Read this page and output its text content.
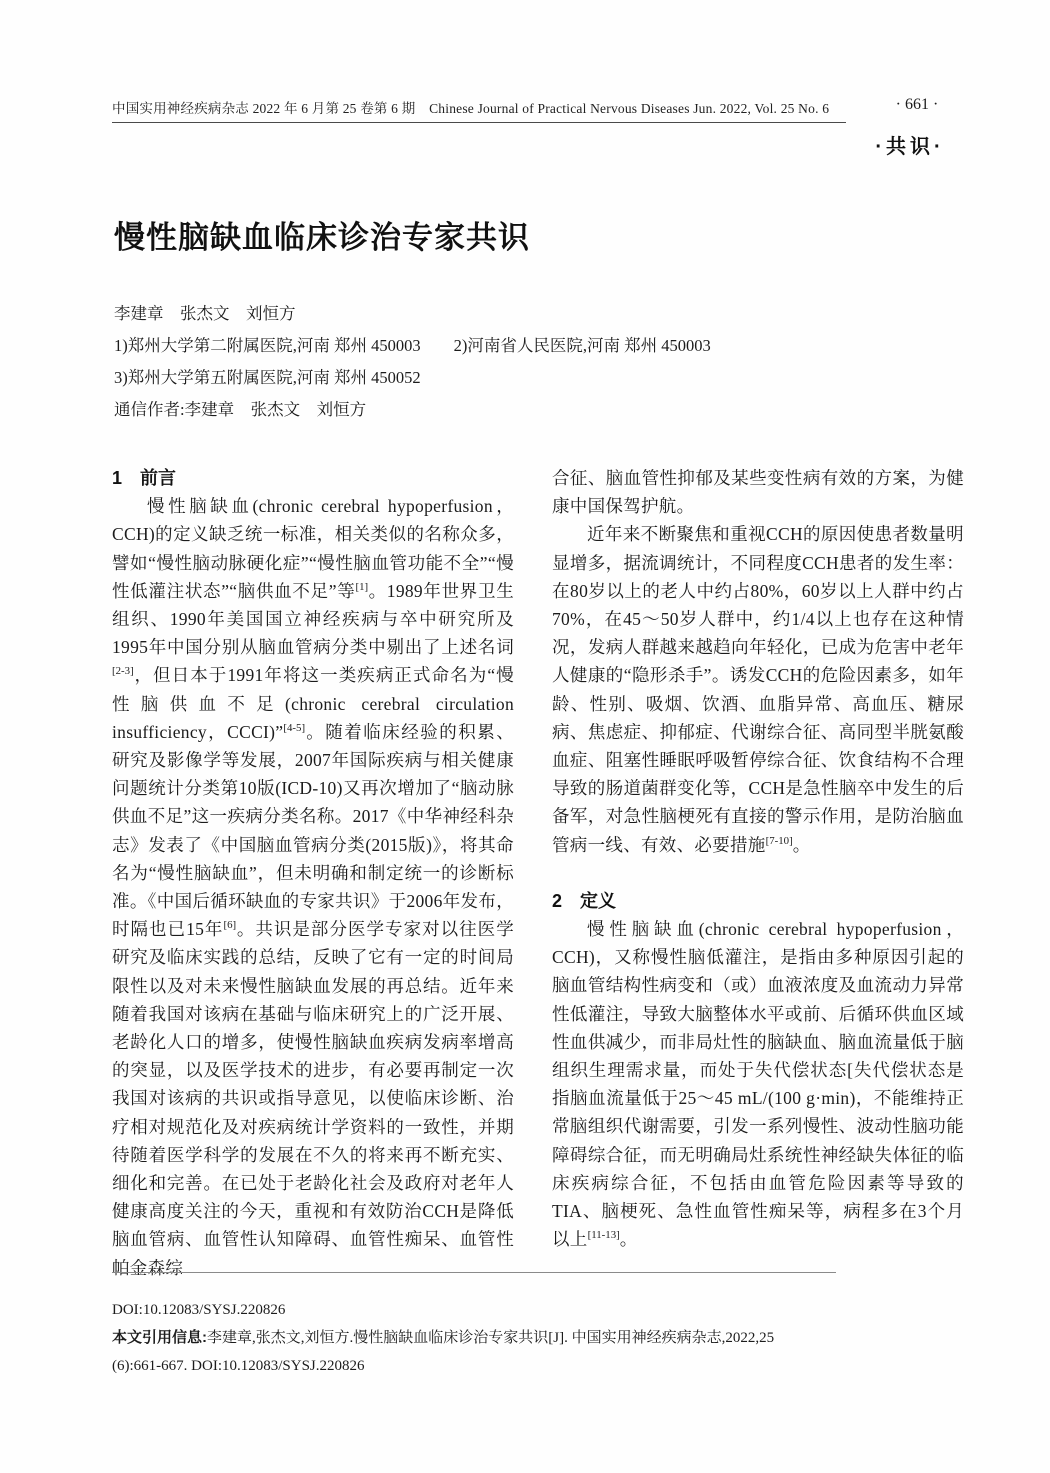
中国实用神经疾病杂志 2022 年 6 月第 25 卷第 6 期　Chinese Journal of Practical Nervous Diseases Jun. 2022, Vol. 25 No. 6	· 661 ·
·共识·
慢性脑缺血临床诊治专家共识
李建章　张杰文　刘恒方
1)郑州大学第二附属医院,河南 郑州 450003　　2)河南省人民医院,河南 郑州 450003
3)郑州大学第五附属医院,河南 郑州 450052
通信作者:李建章　张杰文　刘恒方
1　前言

慢性脑缺血(chronic cerebral hypoperfusion，CCH)的定义缺乏统一标准，相关类似的名称众多，譬如“慢性脑动脉硬化症”“慢性脑血管功能不全”“慢性低灌注状态”“脑供血不足”等[1]。1989年世界卫生组织、1990年美国国立神经疾病与卒中研究所及1995年中国分别从脑血管病分类中剔出了上述名词[2-3]，但日本于1991年将这一类疾病正式命名为“慢性脑供血不足(chronic cerebral circulation insufficiency，CCCI)”[4-5]。随着临床经验的积累、研究及影像学等发展，2007年国际疾病与相关健康问题统计分类第10版(ICD-10)又再次增加了“脑动脉供血不足”这一疾病分类名称。2017《中华神经科杂志》发表了《中国脑血管病分类(2015版)》，将其命名为“慢性脑缺血”，但未明确和制定统一的诊断标准。《中国后循环缺血的专家共识》于2006年发布，时隔也已15年[6]。共识是部分医学专家对以往医学研究及临床实践的总结，反映了它有一定的时间局限性以及对未来慢性脑缺血发展的再总结。近年来随着我国对该病在基础与临床研究上的广泛开展、老龄化人口的增多，使慢性脑缺血疾病发病率增高的突显，以及医学技术的进步，有必要再制定一次我国对该病的共识或指导意见，以使临床诊断、治疗相对规范化及对疾病统计学资料的一致性，并期待随着医学科学的发展在不久的将来再不断充实、细化和完善。在已处于老龄化社会及政府对老年人健康高度关注的今天，重视和有效防治CCH是降低脑血管病、血管性认知障碍、血管性痴呆、血管性帕金森综

合征、脑血管性抑郁及某些变性病有效的方案，为健康中国保驾护航。

近年来不断聚焦和重视CCH的原因使患者数量明显增多，据流调统计，不同程度CCH患者的发生率：在80岁以上的老人中约占80%，60岁以上人群中约占70%，在45～50岁人群中，约1/4以上也存在这种情况，发病人群越来越趋向年轻化，已成为危害中老年人健康的“隐形杀手”。诱发CCH的危险因素多，如年龄、性别、吸烟、饮酒、血脂异常、高血压、糖尿病、焦虑症、抑郁症、代谢综合征、高同型半胱氨酸血症、阻塞性睡眠呼吸暂停综合征、饮食结构不合理导致的肠道菌群变化等，CCH是急性脑卒中发生的后备军，对急性脑梗死有直接的警示作用，是防治脑血管病一线、有效、必要措施[7-10]。

2　定义

慢性脑缺血(chronic cerebral hypoperfusion，CCH)，又称慢性脑低灌注，是指由多种原因引起的脑血管结构性病变和（或）血液浓度及血流动力异常性低灌注，导致大脑整体水平或前、后循环供血区域性血供减少，而非局灶性的脑缺血、脑血流量低于脑组织生理需求量，而处于失代偿状态[失代偿状态是指脑血流量低于25～45 mL/(100 g·min)，不能维持正常脑组织代谢需要，引发一系列慢性、波动性脑功能障碍综合征，而无明确局灶系统性神经缺失体征的临床疾病综合征，不包括由血管危险因素等导致的TIA、脑梗死、急性血管性痴呆等，病程多在3个月以上[11-13]。

DOI:10.12083/SYSJ.220826
本文引用信息:李建章,张杰文,刘恒方.慢性脑缺血临床诊治专家共识[J]. 中国实用神经疾病杂志,2022,25
(6):661-667. DOI:10.12083/SYSJ.220826
